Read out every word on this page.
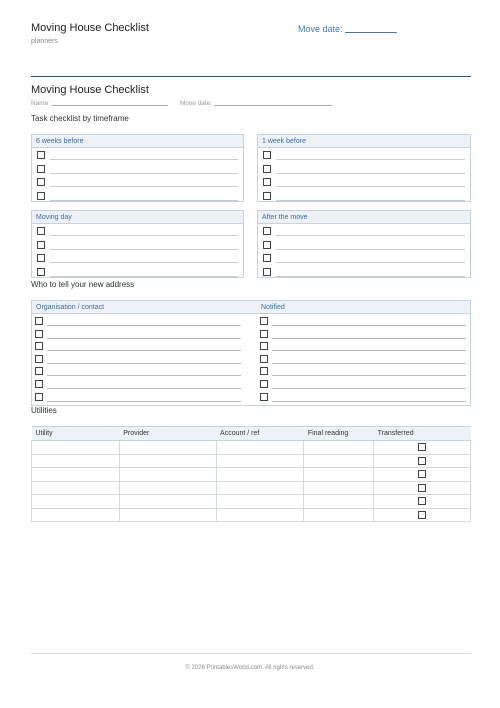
Moving House Checklist
planners
Move date:
Moving House Checklist
Name:	Move date:
Task checklist by timeframe
6 weeks before	1 week before
Moving day	After the move
Who to tell your new address
Organisation / contact	Notified
Utilities
Utility	Provider	Account / ref	Final reading	Transferred

© 2026 PrintablesWorld.com. All rights reserved.
